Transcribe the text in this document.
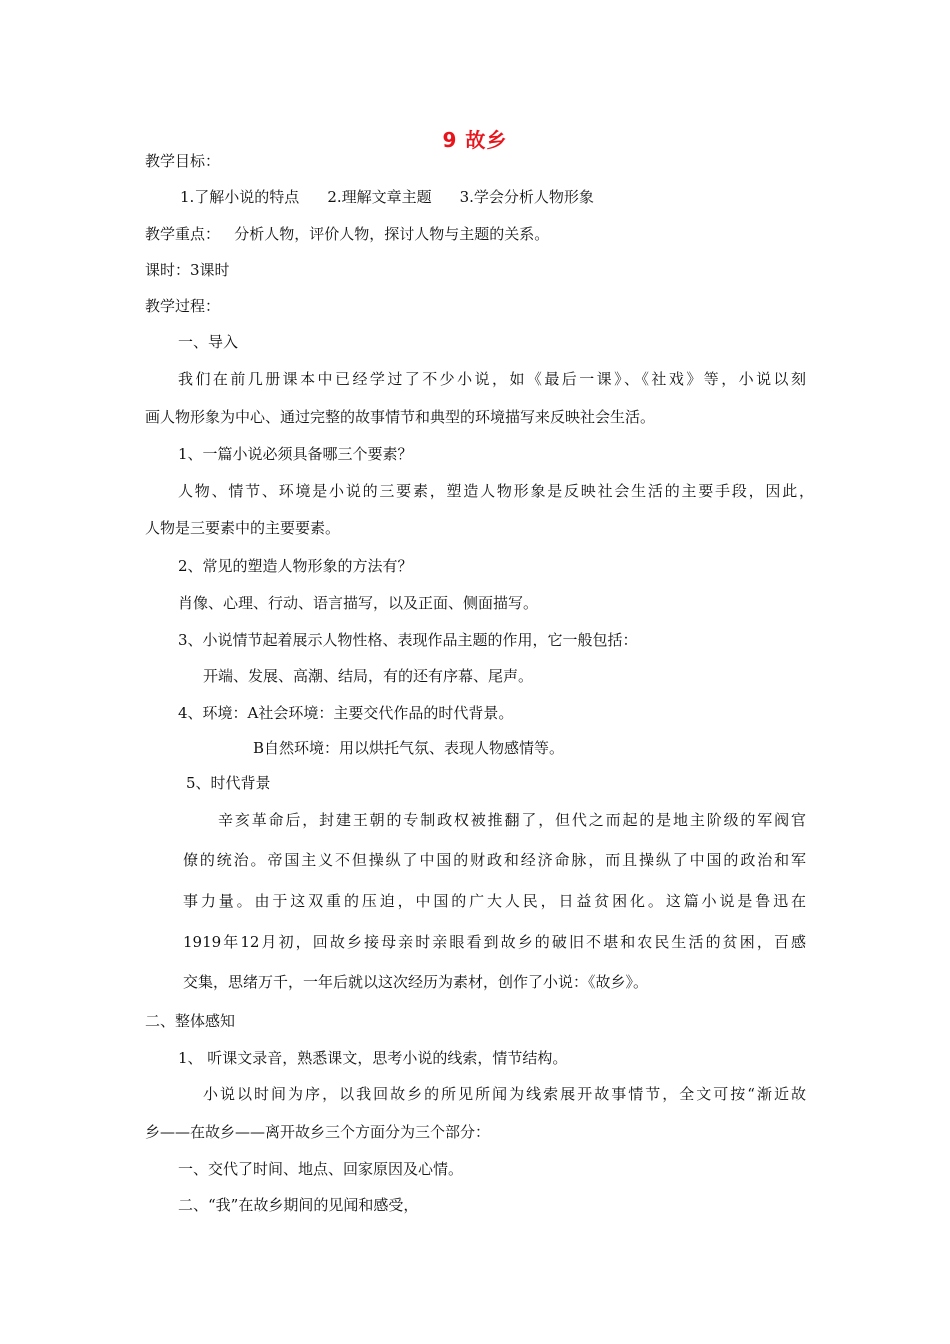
9 故乡
教学目标：
1.了解小说的特点 2.理解文章主题 3.学会分析人物形象
教学重点：   分析人物，评价人物，探讨人物与主题的关系。
课时：3课时
教学过程：
一、导入
我们在前几册课本中已经学过了不少小说，如《最后一课》、《社戏》等，小说以刻
画人物形象为中心、通过完整的故事情节和典型的环境描写来反映社会生活。
1、一篇小说必须具备哪三个要素？
人物、情节、环境是小说的三要素，塑造人物形象是反映社会生活的主要手段，因此，
人物是三要素中的主要要素。
2、常见的塑造人物形象的方法有？
肖像、心理、行动、语言描写，以及正面、侧面描写。
3、小说情节起着展示人物性格、表现作品主题的作用，它一般包括：
开端、发展、高潮、结局，有的还有序幕、尾声。
4、环境：A社会环境：主要交代作品的时代背景。
B自然环境：用以烘托气氛、表现人物感情等。
5、时代背景
辛亥革命后，封建王朝的专制政权被推翻了，但代之而起的是地主阶级的军阀官
僚的统治。帝国主义不但操纵了中国的财政和经济命脉，而且操纵了中国的政治和军
事力量。由于这双重的压迫，中国的广大人民，日益贫困化。这篇小说是鲁迅在
1919年12月初，回故乡接母亲时亲眼看到故乡的破旧不堪和农民生活的贫困，百感
交集，思绪万千，一年后就以这次经历为素材，创作了小说：《故乡》。
二、整体感知
1、 听课文录音，熟悉课文，思考小说的线索，情节结构。
小说以时间为序，以我回故乡的所见所闻为线索展开故事情节，全文可按“渐近故
乡——在故乡——离开故乡三个方面分为三个部分：
一、交代了时间、地点、回家原因及心情。
二、“我”在故乡期间的见闻和感受，
